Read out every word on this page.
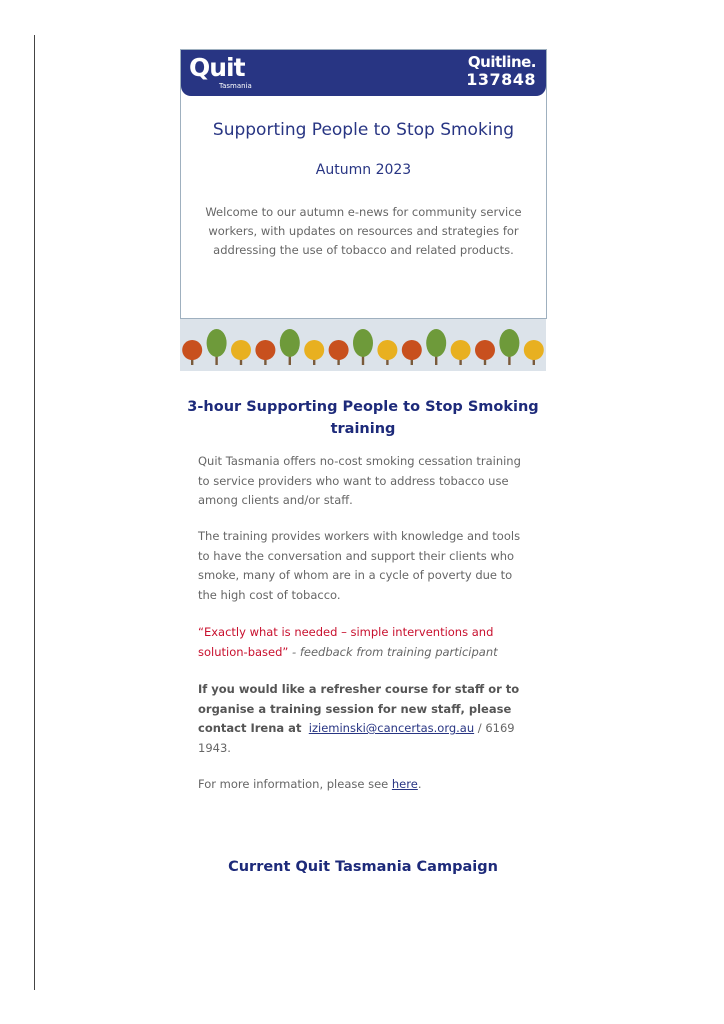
Quit
Tasmania
Quitline.
137848
Supporting People to Stop Smoking
Autumn 2023
Welcome to our autumn e-news for community service workers, with updates on resources and strategies for addressing the use of tobacco and related products.
3-hour Supporting People to Stop Smoking training
Quit Tasmania offers no-cost smoking cessation training to service providers who want to address tobacco use among clients and/or staff.
The training provides workers with knowledge and tools to have the conversation and support their clients who smoke, many of whom are in a cycle of poverty due to the high cost of tobacco.
“Exactly what is needed – simple interventions and solution-based” - feedback from training participant
If you would like a refresher course for staff or to organise a training session for new staff, please contact Irena at izieminski@cancertas.org.au / 6169 1943.
For more information, please see here.
Current Quit Tasmania Campaign
